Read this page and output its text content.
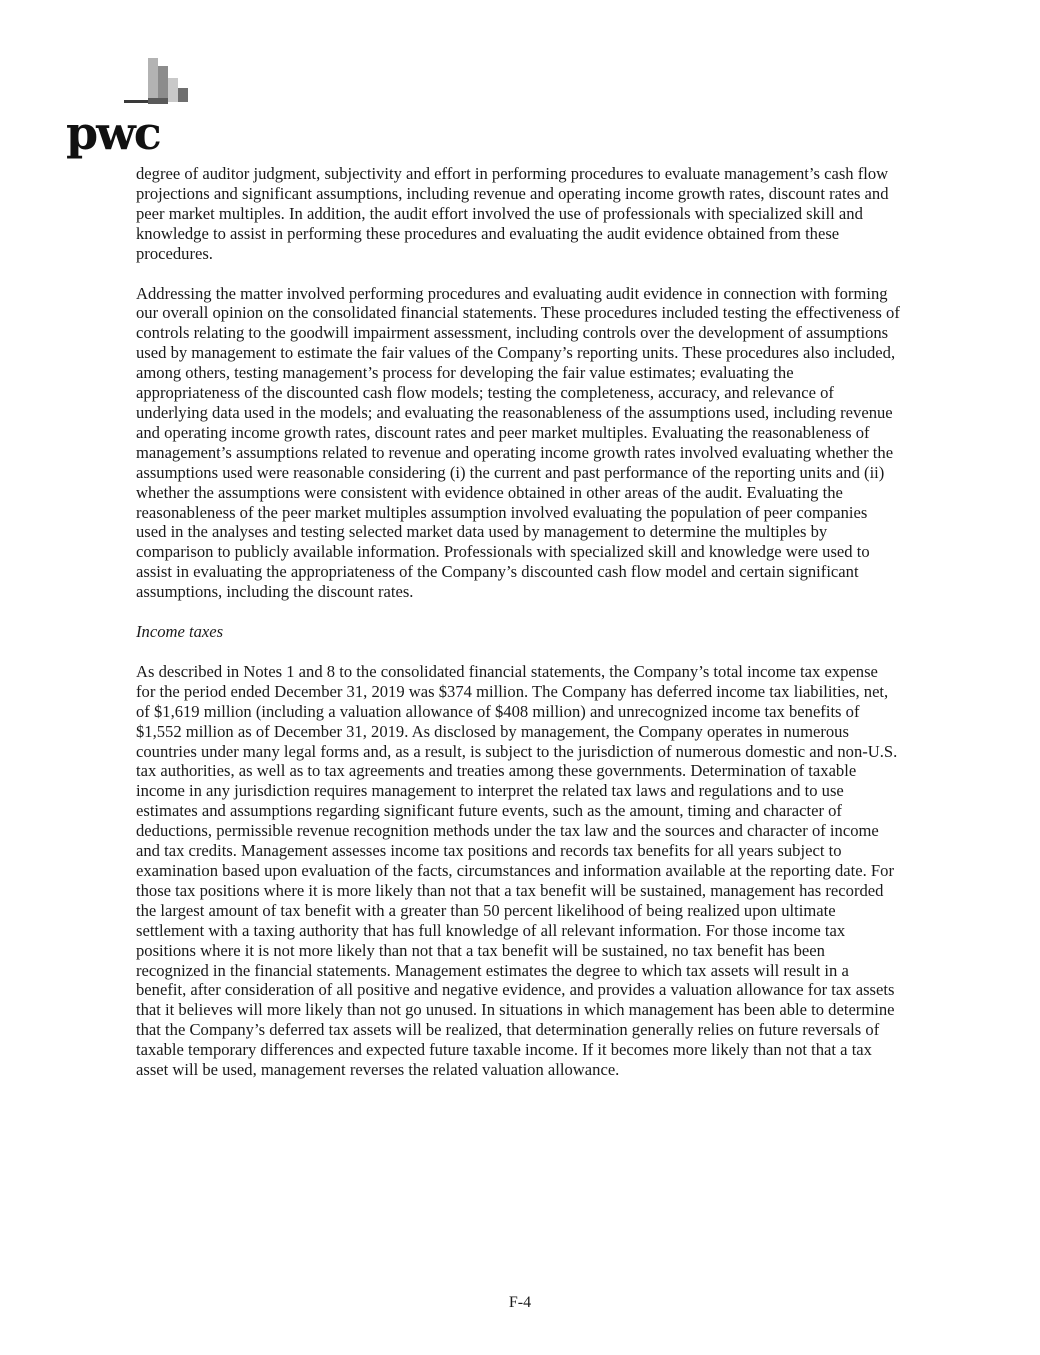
pwc

degree of auditor judgment, subjectivity and effort in performing procedures to evaluate management’s cash flow projections and significant assumptions, including revenue and operating income growth rates, discount rates and peer market multiples. In addition, the audit effort involved the use of professionals with specialized skill and knowledge to assist in performing these procedures and evaluating the audit evidence obtained from these procedures.

Addressing the matter involved performing procedures and evaluating audit evidence in connection with forming our overall opinion on the consolidated financial statements. These procedures included testing the effectiveness of controls relating to the goodwill impairment assessment, including controls over the development of assumptions used by management to estimate the fair values of the Company’s reporting units. These procedures also included, among others, testing management’s process for developing the fair value estimates; evaluating the appropriateness of the discounted cash flow models; testing the completeness, accuracy, and relevance of underlying data used in the models; and evaluating the reasonableness of the assumptions used, including revenue and operating income growth rates, discount rates and peer market multiples. Evaluating the reasonableness of management’s assumptions related to revenue and operating income growth rates involved evaluating whether the assumptions used were reasonable considering (i) the current and past performance of the reporting units and (ii) whether the assumptions were consistent with evidence obtained in other areas of the audit. Evaluating the reasonableness of the peer market multiples assumption involved evaluating the population of peer companies used in the analyses and testing selected market data used by management to determine the multiples by comparison to publicly available information. Professionals with specialized skill and knowledge were used to assist in evaluating the appropriateness of the Company’s discounted cash flow model and certain significant assumptions, including the discount rates.

Income taxes

As described in Notes 1 and 8 to the consolidated financial statements, the Company’s total income tax expense for the period ended December 31, 2019 was $374 million. The Company has deferred income tax liabilities, net, of $1,619 million (including a valuation allowance of $408 million) and unrecognized income tax benefits of $1,552 million as of December 31, 2019. As disclosed by management, the Company operates in numerous countries under many legal forms and, as a result, is subject to the jurisdiction of numerous domestic and non-U.S. tax authorities, as well as to tax agreements and treaties among these governments. Determination of taxable income in any jurisdiction requires management to interpret the related tax laws and regulations and to use estimates and assumptions regarding significant future events, such as the amount, timing and character of deductions, permissible revenue recognition methods under the tax law and the sources and character of income and tax credits. Management assesses income tax positions and records tax benefits for all years subject to examination based upon evaluation of the facts, circumstances and information available at the reporting date. For those tax positions where it is more likely than not that a tax benefit will be sustained, management has recorded the largest amount of tax benefit with a greater than 50 percent likelihood of being realized upon ultimate settlement with a taxing authority that has full knowledge of all relevant information. For those income tax positions where it is not more likely than not that a tax benefit will be sustained, no tax benefit has been recognized in the financial statements. Management estimates the degree to which tax assets will result in a benefit, after consideration of all positive and negative evidence, and provides a valuation allowance for tax assets that it believes will more likely than not go unused. In situations in which management has been able to determine that the Company’s deferred tax assets will be realized, that determination generally relies on future reversals of taxable temporary differences and expected future taxable income. If it becomes more likely than not that a tax asset will be used, management reverses the related valuation allowance.

F-4
